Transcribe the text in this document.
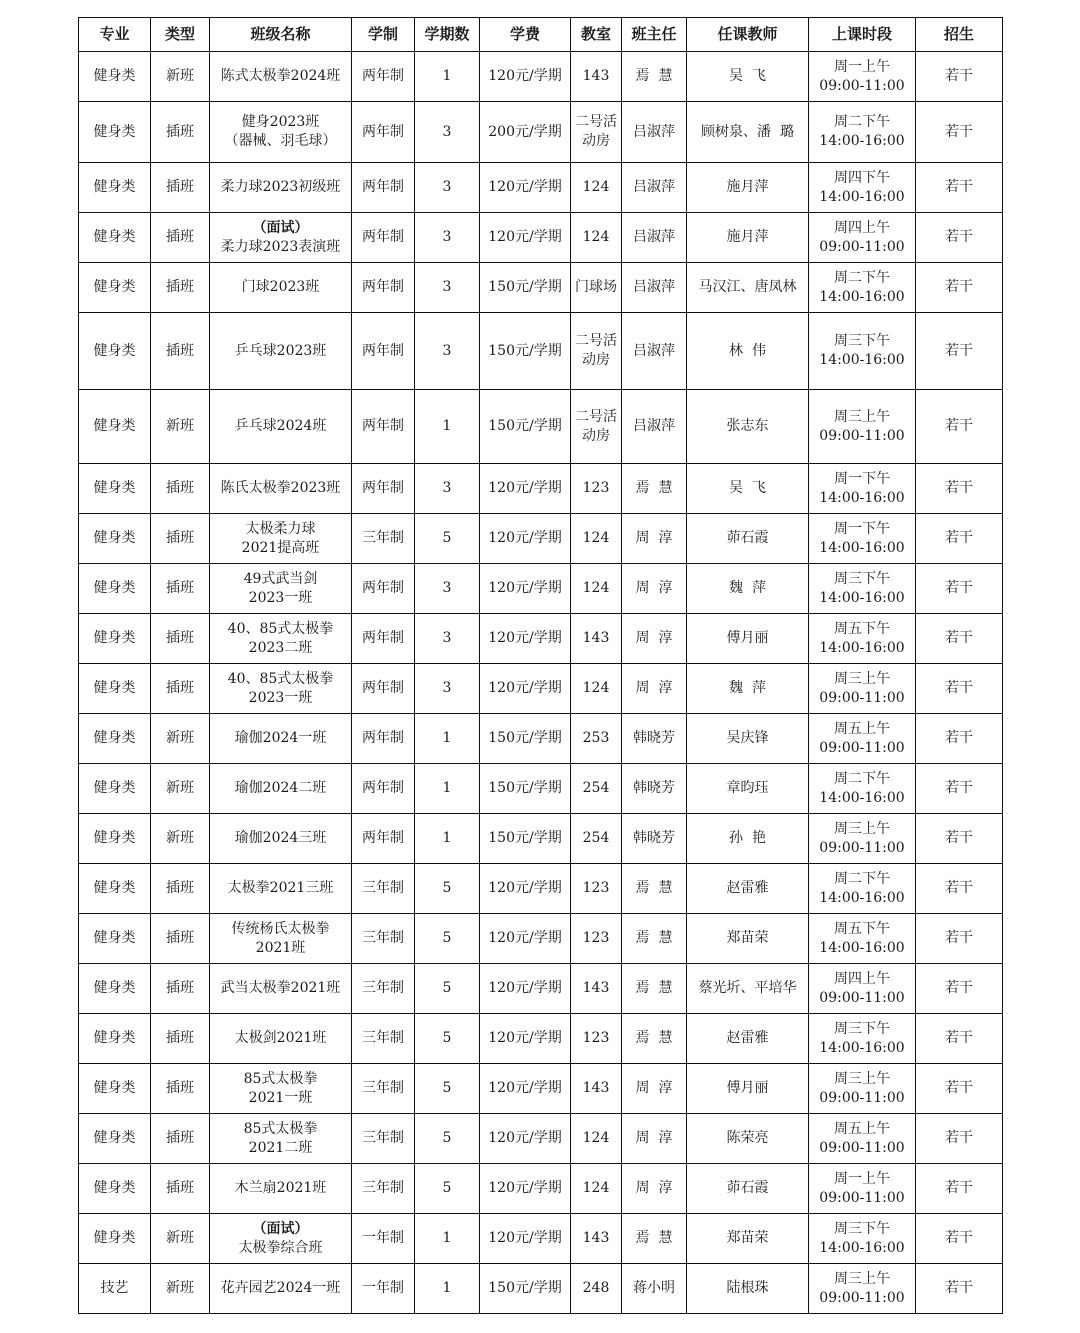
专业	类型	班级名称	学制	学期数	学费	教室	班主任	任课教师	上课时段	招生
健身类	新班	陈式太极拳2024班	两年制	1	120元/学期	143	焉  慧	吴  飞	周一上午
09:00-11:00	若干
健身类	插班	健身2023班
（器械、羽毛球）	两年制	3	200元/学期	二号活
动房	吕淑萍	顾树泉、潘  璐	周二下午
14:00-16:00	若干
健身类	插班	柔力球2023初级班	两年制	3	120元/学期	124	吕淑萍	施月萍	周四下午
14:00-16:00	若干
健身类	插班	（面试）
柔力球2023表演班	两年制	3	120元/学期	124	吕淑萍	施月萍	周四上午
09:00-11:00	若干
健身类	插班	门球2023班	两年制	3	150元/学期	门球场	吕淑萍	马汉江、唐凤林	周二下午
14:00-16:00	若干
健身类	插班	乒乓球2023班	两年制	3	150元/学期	二号活
动房	吕淑萍	林  伟	周三下午
14:00-16:00	若干
健身类	新班	乒乓球2024班	两年制	1	150元/学期	二号活
动房	吕淑萍	张志东	周三上午
09:00-11:00	若干
健身类	插班	陈氏太极拳2023班	两年制	3	120元/学期	123	焉  慧	吴  飞	周一下午
14:00-16:00	若干
健身类	插班	太极柔力球
2021提高班	三年制	5	120元/学期	124	周  淳	茆石霞	周一下午
14:00-16:00	若干
健身类	插班	49式武当剑
2023一班	两年制	3	120元/学期	124	周  淳	魏  萍	周三下午
14:00-16:00	若干
健身类	插班	40、85式太极拳
2023二班	两年制	3	120元/学期	143	周  淳	傅月丽	周五下午
14:00-16:00	若干
健身类	插班	40、85式太极拳
2023一班	两年制	3	120元/学期	124	周  淳	魏  萍	周三上午
09:00-11:00	若干
健身类	新班	瑜伽2024一班	两年制	1	150元/学期	253	韩晓芳	吴庆锋	周五上午
09:00-11:00	若干
健身类	新班	瑜伽2024二班	两年制	1	150元/学期	254	韩晓芳	章昀珏	周二下午
14:00-16:00	若干
健身类	新班	瑜伽2024三班	两年制	1	150元/学期	254	韩晓芳	孙  艳	周三上午
09:00-11:00	若干
健身类	插班	太极拳2021三班	三年制	5	120元/学期	123	焉  慧	赵雷雅	周二下午
14:00-16:00	若干
健身类	插班	传统杨氏太极拳
2021班	三年制	5	120元/学期	123	焉  慧	郑苗荣	周五下午
14:00-16:00	若干
健身类	插班	武当太极拳2021班	三年制	5	120元/学期	143	焉  慧	蔡光圻、平培华	周四上午
09:00-11:00	若干
健身类	插班	太极剑2021班	三年制	5	120元/学期	123	焉  慧	赵雷雅	周三下午
14:00-16:00	若干
健身类	插班	85式太极拳
2021一班	三年制	5	120元/学期	143	周  淳	傅月丽	周三上午
09:00-11:00	若干
健身类	插班	85式太极拳
2021二班	三年制	5	120元/学期	124	周  淳	陈荣亮	周五上午
09:00-11:00	若干
健身类	插班	木兰扇2021班	三年制	5	120元/学期	124	周  淳	茆石霞	周一上午
09:00-11:00	若干
健身类	新班	（面试）
太极拳综合班	一年制	1	120元/学期	143	焉  慧	郑苗荣	周三下午
14:00-16:00	若干
技艺	新班	花卉园艺2024一班	一年制	1	150元/学期	248	蒋小明	陆根珠	周三上午
09:00-11:00	若干
